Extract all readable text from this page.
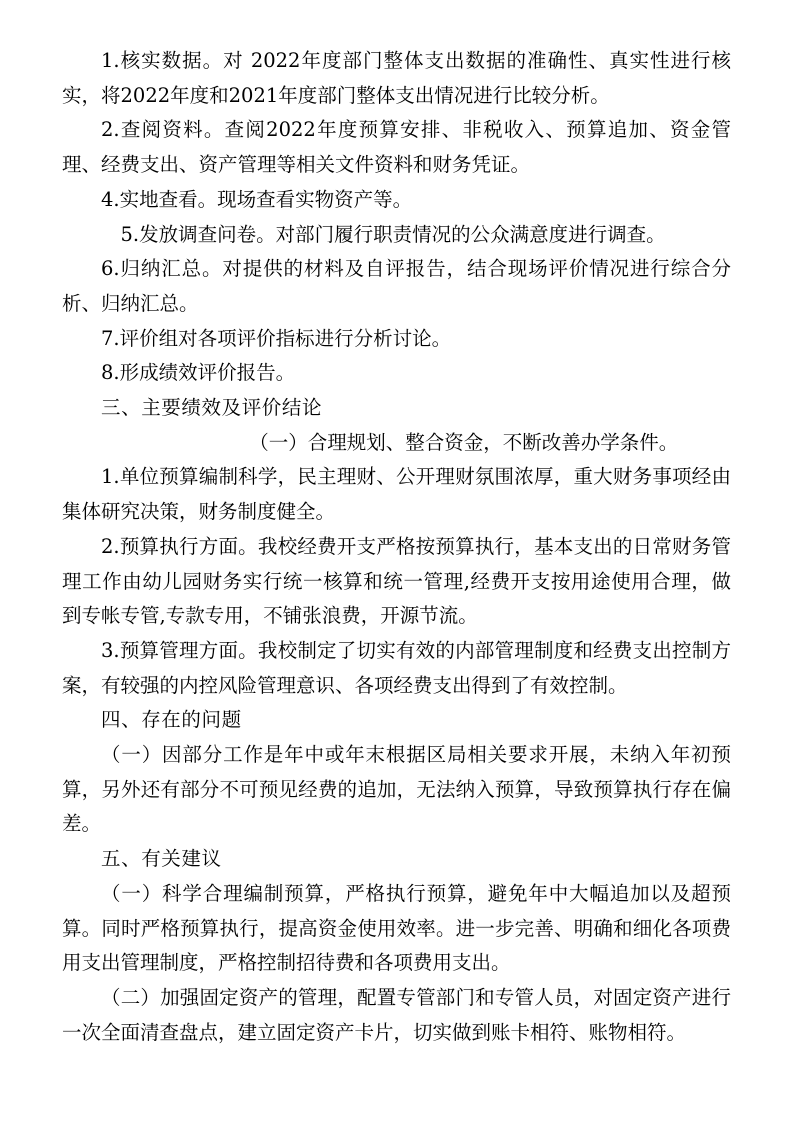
1.核实数据。对 2022年度部门整体支出数据的准确性、真实性进行核实，将2022年度和2021年度部门整体支出情况进行比较分析。

2.查阅资料。查阅2022年度预算安排、非税收入、预算追加、资金管理、经费支出、资产管理等相关文件资料和财务凭证。

4.实地查看。现场查看实物资产等。

5.发放调查问卷。对部门履行职责情况的公众满意度进行调查。

6.归纳汇总。对提供的材料及自评报告，结合现场评价情况进行综合分析、归纳汇总。

7.评价组对各项评价指标进行分析讨论。

8.形成绩效评价报告。

三、主要绩效及评价结论

（一）合理规划、整合资金，不断改善办学条件。

1.单位预算编制科学，民主理财、公开理财氛围浓厚，重大财务事项经由集体研究决策，财务制度健全。

2.预算执行方面。我校经费开支严格按预算执行，基本支出的日常财务管理工作由幼儿园财务实行统一核算和统一管理,经费开支按用途使用合理，做到专帐专管,专款专用，不铺张浪费，开源节流。

3.预算管理方面。我校制定了切实有效的内部管理制度和经费支出控制方案，有较强的内控风险管理意识、各项经费支出得到了有效控制。

四、存在的问题

（一）因部分工作是年中或年末根据区局相关要求开展，未纳入年初预算，另外还有部分不可预见经费的追加，无法纳入预算，导致预算执行存在偏差。

五、有关建议

（一）科学合理编制预算，严格执行预算，避免年中大幅追加以及超预算。同时严格预算执行，提高资金使用效率。进一步完善、明确和细化各项费用支出管理制度，严格控制招待费和各项费用支出。

（二）加强固定资产的管理，配置专管部门和专管人员，对固定资产进行一次全面清查盘点，建立固定资产卡片，切实做到账卡相符、账物相符。
